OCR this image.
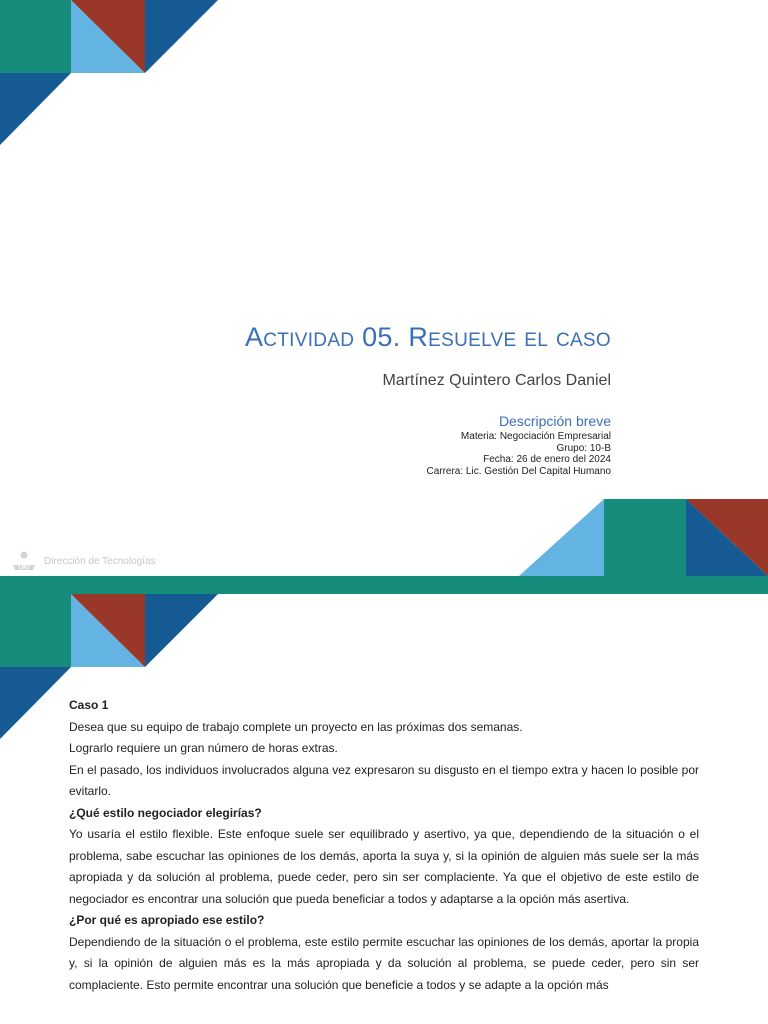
Actividad 05. Resuelve el caso
Martínez Quintero Carlos Daniel
Descripción breve
Materia: Negociación Empresarial
Grupo: 10-B
Fecha: 26 de enero del 2024
Carrera: Lic. Gestión Del Capital Humano
UKI
Dirección de Tecnologías

Caso 1

Desea que su equipo de trabajo complete un proyecto en las próximas dos semanas.

Lograrlo requiere un gran número de horas extras.

En el pasado, los individuos involucrados alguna vez expresaron su disgusto en el tiempo extra y hacen lo posible por evitarlo.

¿Qué estilo negociador elegirías?

Yo usaría el estilo flexible. Este enfoque suele ser equilibrado y asertivo, ya que, dependiendo de la situación o el problema, sabe escuchar las opiniones de los demás, aporta la suya y, si la opinión de alguien más suele ser la más apropiada y da solución al problema, puede ceder, pero sin ser complaciente. Ya que el objetivo de este estilo de negociador es encontrar una solución que pueda beneficiar a todos y adaptarse a la opción más asertiva.

¿Por qué es apropiado ese estilo?

Dependiendo de la situación o el problema, este estilo permite escuchar las opiniones de los demás, aportar la propia y, si la opinión de alguien más es la más apropiada y da solución al problema, se puede ceder, pero sin ser complaciente. Esto permite encontrar una solución que beneficie a todos y se adapte a la opción más
